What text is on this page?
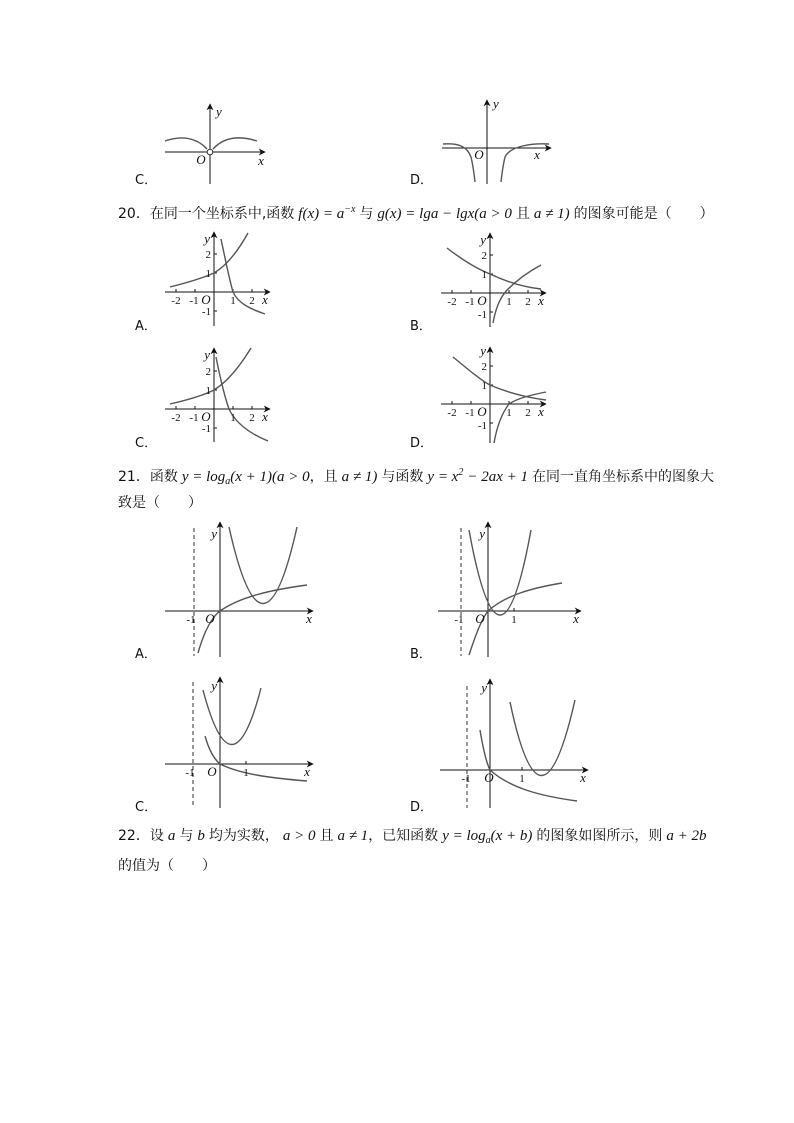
y
O	x
y
O	x
y
2
1
-1
-2 -1 O 1 2 x
y
2
1
-1
-2 -1 O 1 2 x
y
2
1
-1
-2 -1 O 1 2 x
y
2
1
-1
-2 -1 O 1 2 x
y
-1 O	x
y
-1 O 1	x
y
-1 O 1	x
y
-1 O 1	x
C．	D．
A．	B．
C．	D．
A．	B．
C．	D．
20．在同一个坐标系中,函数 $f(x) = a^{-x}$ 与 g(x) = lga − lgx(a > 0 且 a ≠ 1) 的图象可能是（　　）
21．函数 $y = \log_a(x + 1)(a > 0$，且 a ≠ 1) 与函数 $y = x^2 - 2ax + 1$ 在同一直角坐标系中的图象大
致是（　　）
22．设 a 与 b 均为实数， a > 0 且 a ≠ 1，已知函数 $y = \log_a(x + b)$ 的图象如图所示，则 a + 2b
的值为（　　）
